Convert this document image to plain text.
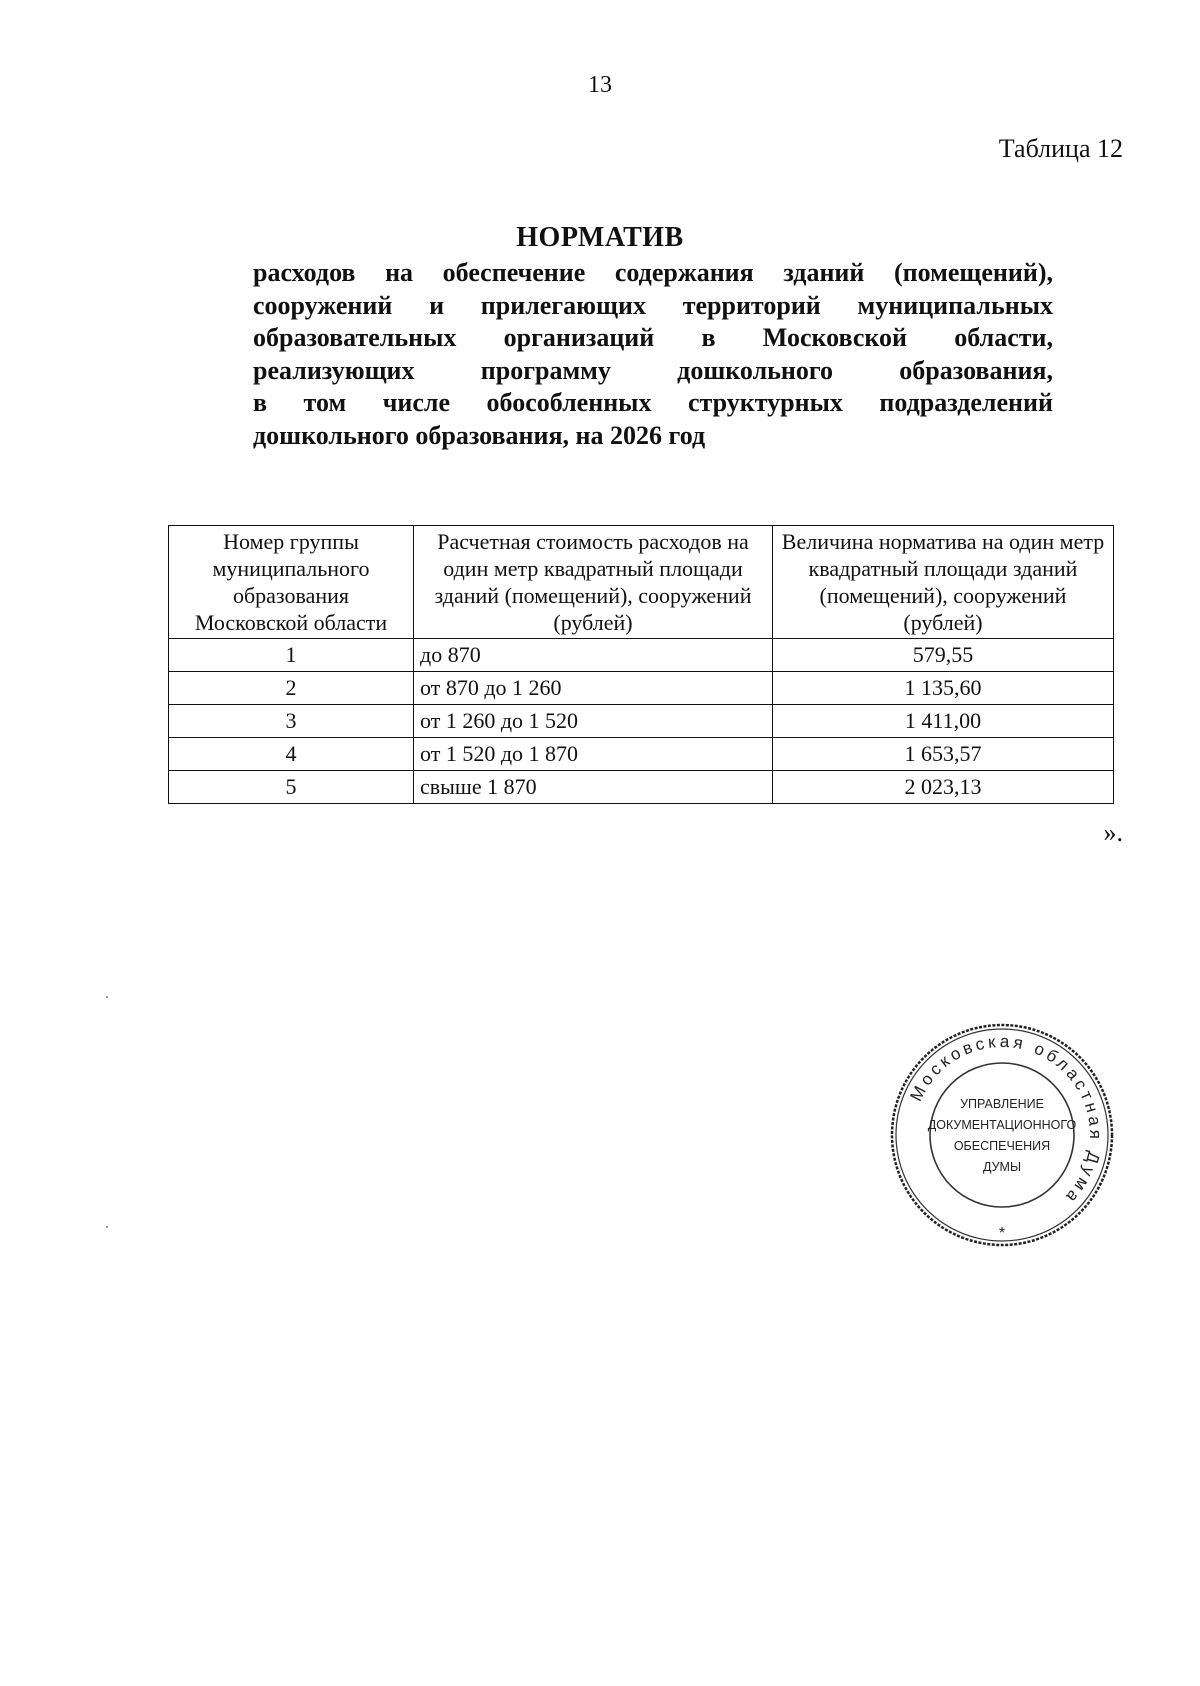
13
Таблица 12
НОРМАТИВ
расходов на обеспечение содержания зданий (помещений),
сооружений и прилегающих территорий муниципальных
образовательных организаций в Московской области,
реализующих программу дошкольного образования,
в том числе обособленных структурных подразделений
дошкольного образования, на 2026 год
Номер группы муниципального образования Московской области	Расчетная стоимость расходов на один метр квадратный площади зданий (помещений), сооружений (рублей)	Величина норматива на один метр квадратный площади зданий (помещений), сооружений (рублей)
1	до 870	579,55
2	от 870 до 1 260	1 135,60
3	от 1 260 до 1 520	1 411,00
4	от 1 520 до 1 870	1 653,57
5	свыше 1 870	2 023,13
».
Московская областная Дума
УПРАВЛЕНИЕ
ДОКУМЕНТАЦИОННОГО
ОБЕСПЕЧЕНИЯ
ДУМЫ
*
